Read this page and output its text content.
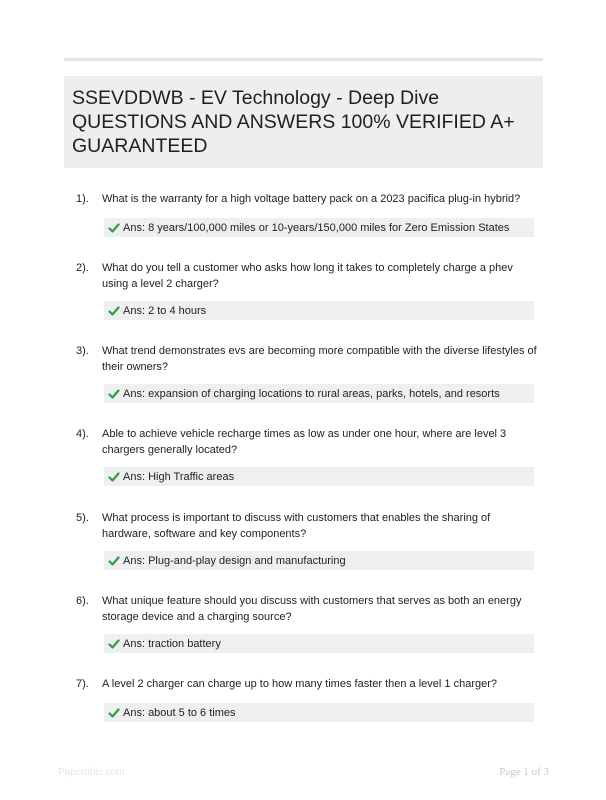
SSEVDDWB - EV Technology - Deep Dive
QUESTIONS AND ANSWERS 100% VERIFIED A+
GUARANTEED
1). What is the warranty for a high voltage battery pack on a 2023 pacifica plug-in hybrid?
Ans: 8 years/100,000 miles or 10-years/150,000 miles for Zero Emission States
2). What do you tell a customer who asks how long it takes to completely charge a phev using a level 2 charger?
Ans: 2 to 4 hours
3). What trend demonstrates evs are becoming more compatible with the diverse lifestyles of their owners?
Ans: expansion of charging locations to rural areas, parks, hotels, and resorts
4). Able to achieve vehicle recharge times as low as under one hour, where are level 3 chargers generally located?
Ans: High Traffic areas
5). What process is important to discuss with customers that enables the sharing of hardware, software and key components?
Ans: Plug-and-play design and manufacturing
6). What unique feature should you discuss with customers that serves as both an energy storage device and a charging source?
Ans: traction battery
7). A level 2 charger can charge up to how many times faster then a level 1 charger?
Ans: about 5 to 6 times
Papertible.com	Page 1 of 3
